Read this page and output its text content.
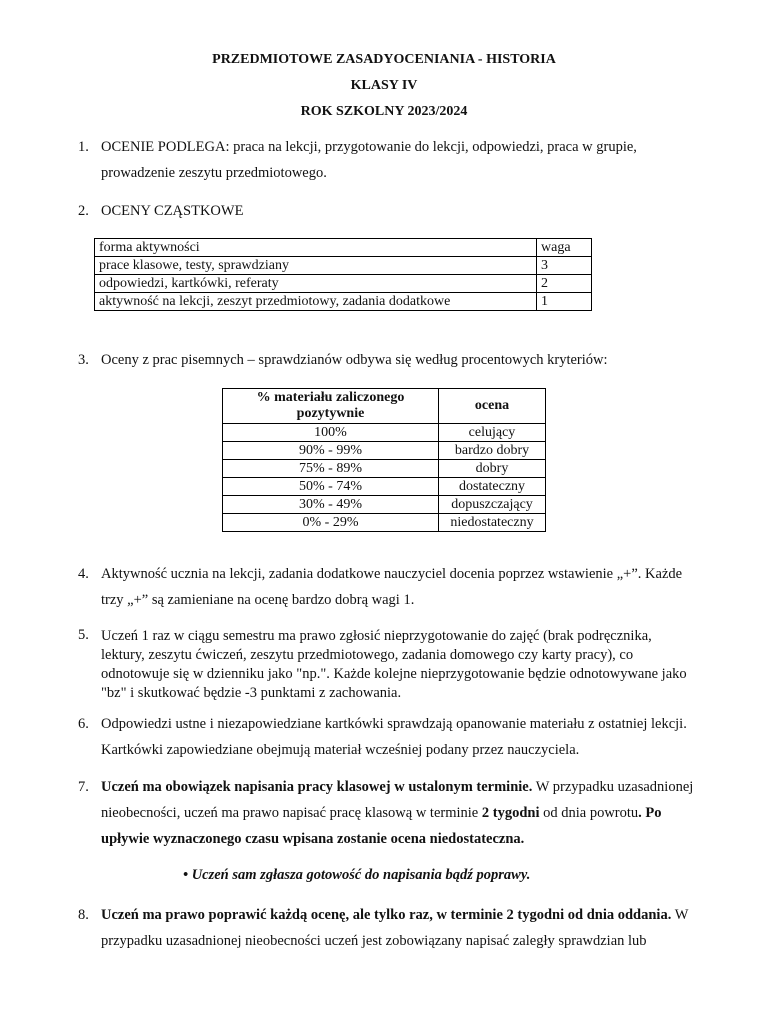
PRZEDMIOTOWE ZASADYOCENIANIA - HISTORIA
KLASY IV
ROK SZKOLNY 2023/2024
1. OCENIE PODLEGA: praca na lekcji, przygotowanie do lekcji, odpowiedzi, praca w grupie, prowadzenie zeszytu przedmiotowego.
2. OCENY CZĄSTKOWE
forma aktywności	waga
prace klasowe, testy, sprawdziany	3
odpowiedzi, kartkówki, referaty	2
aktywność na lekcji, zeszyt przedmiotowy, zadania dodatkowe	1
3. Oceny z prac pisemnych – sprawdzianów odbywa się według procentowych kryteriów:
% materiału zaliczonego pozytywnie	ocena
100%	celujący
90% - 99%	bardzo dobry
75% - 89%	dobry
50% - 74%	dostateczny
30% - 49%	dopuszczający
0% - 29%	niedostateczny
4. Aktywność ucznia na lekcji, zadania dodatkowe nauczyciel docenia poprzez wstawienie „+”. Każde trzy „+” są zamieniane na ocenę bardzo dobrą wagi 1.
5. Uczeń 1 raz w ciągu semestru ma prawo zgłosić nieprzygotowanie do zajęć (brak podręcznika, lektury, zeszytu ćwiczeń, zeszytu przedmiotowego, zadania domowego czy karty pracy), co odnotowuje się w dzienniku jako "np.". Każde kolejne nieprzygotowanie będzie odnotowywane jako "bz" i skutkować będzie -3 punktami z zachowania.
6. Odpowiedzi ustne i niezapowiedziane kartkówki sprawdzają opanowanie materiału z ostatniej lekcji. Kartkówki zapowiedziane obejmują materiał wcześniej podany przez nauczyciela.
7. Uczeń ma obowiązek napisania pracy klasowej w ustalonym terminie. W przypadku uzasadnionej nieobecności, uczeń ma prawo napisać pracę klasową w terminie 2 tygodni od dnia powrotu. Po upływie wyznaczonego czasu wpisana zostanie ocena niedostateczna.
• Uczeń sam zgłasza gotowość do napisania bądź poprawy.
8. Uczeń ma prawo poprawić każdą ocenę, ale tylko raz, w terminie 2 tygodni od dnia oddania. W przypadku uzasadnionej nieobecności uczeń jest zobowiązany napisać zaległy sprawdzian lub
